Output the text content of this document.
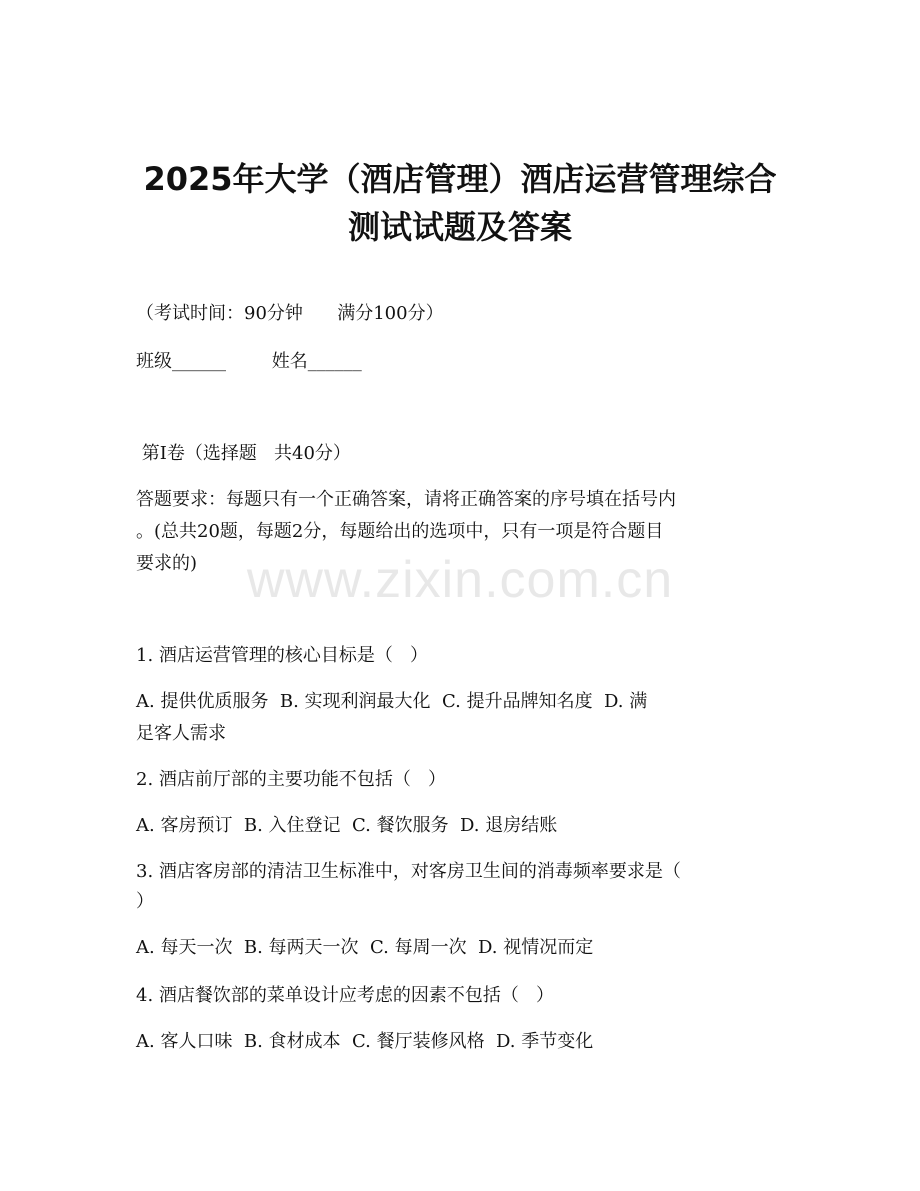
2025年大学（酒店管理）酒店运营管理综合
测试试题及答案
（考试时间：90分钟      满分100分）
班级______        姓名______
第I卷（选择题   共40分）
答题要求：每题只有一个正确答案，请将正确答案的序号填在括号内
。(总共20题，每题2分，每题给出的选项中，只有一项是符合题目
要求的) www.zixin.com.cn
1. 酒店运营管理的核心目标是（   ）
A. 提供优质服务  B. 实现利润最大化  C. 提升品牌知名度  D. 满
足客人需求
2. 酒店前厅部的主要功能不包括（   ）
A. 客房预订  B. 入住登记  C. 餐饮服务  D. 退房结账
3. 酒店客房部的清洁卫生标准中，对客房卫生间的消毒频率要求是（
）
A. 每天一次  B. 每两天一次  C. 每周一次  D. 视情况而定
4. 酒店餐饮部的菜单设计应考虑的因素不包括（   ）
A. 客人口味  B. 食材成本  C. 餐厅装修风格  D. 季节变化
